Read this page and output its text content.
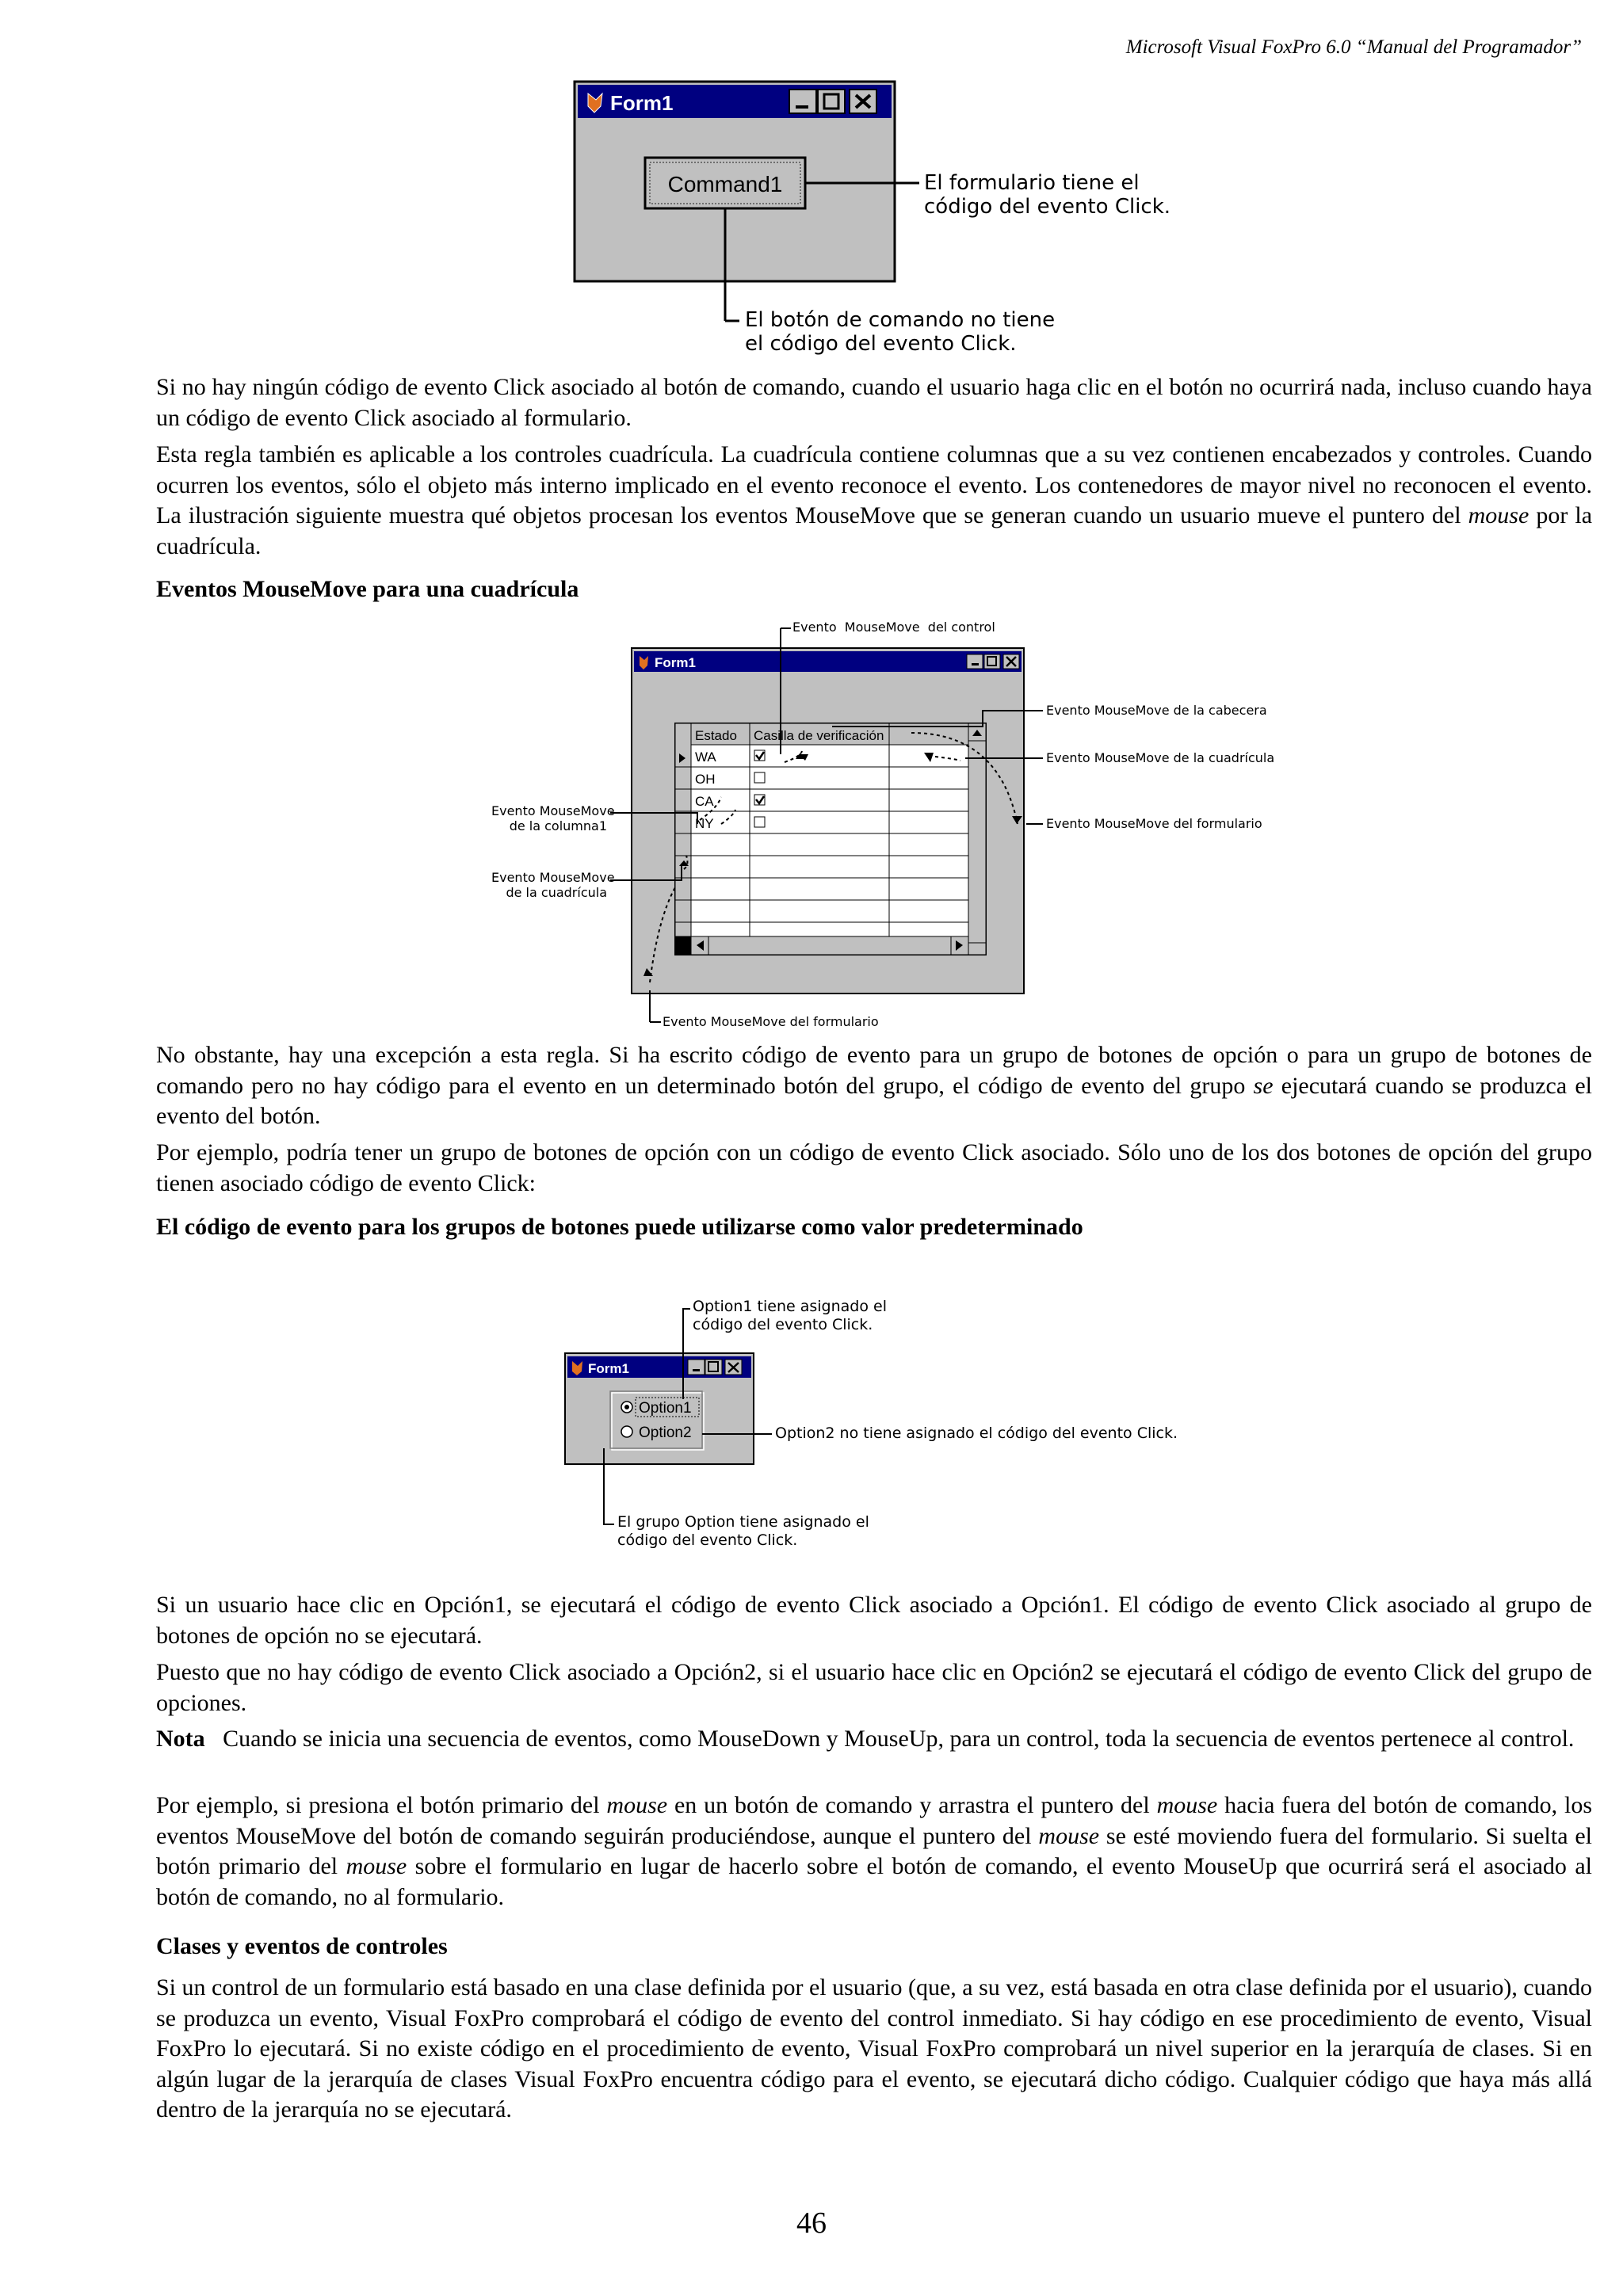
Microsoft Visual FoxPro 6.0 “Manual del Programador”
Form1
Command1	El formulario tiene el
código del evento Click.
El botón de comando no tiene
el código del evento Click.

Si no hay ningún código de evento Click asociado al botón de comando, cuando el usuario haga clic en el botón no ocurrirá nada, incluso cuando haya un código de evento Click asociado al formulario.

Esta regla también es aplicable a los controles cuadrícula. La cuadrícula contiene columnas que a su vez contienen encabezados y controles. Cuando ocurren los eventos, sólo el objeto más interno implicado en el evento reconoce el evento. Los contenedores de mayor nivel no reconocen el evento. La ilustración siguiente muestra qué objetos procesan los eventos MouseMove que se generan cuando un usuario mueve el puntero del mouse por la cuadrícula.

Eventos MouseMove para una cuadrícula

Form1
Estado Casilla de verificación
WA
OH
CA
NY
Evento  MouseMove  del control
Evento MouseMove de la cabecera
Evento MouseMove de la cuadrícula
Evento MouseMove del formulario
Evento MouseMove
de la columna1
Evento MouseMove
de la cuadrícula
Evento MouseMove del formulario

No obstante, hay una excepción a esta regla. Si ha escrito código de evento para un grupo de botones de opción o para un grupo de botones de comando pero no hay código para el evento en un determinado botón del grupo, el código de evento del grupo se ejecutará cuando se produzca el evento del botón.

Por ejemplo, podría tener un grupo de botones de opción con un código de evento Click asociado. Sólo uno de los dos botones de opción del grupo tienen asociado código de evento Click:

El código de evento para los grupos de botones puede utilizarse como valor predeterminado

Form1
Option1
Option2
Option1 tiene asignado el
código del evento Click.
Option2 no tiene asignado el código del evento Click.
El grupo Option tiene asignado el
código del evento Click.

Si un usuario hace clic en Opción1, se ejecutará el código de evento Click asociado a Opción1. El código de evento Click asociado al grupo de botones de opción no se ejecutará.

Puesto que no hay código de evento Click asociado a Opción2, si el usuario hace clic en Opción2 se ejecutará el código de evento Click del grupo de opciones.

Nota Cuando se inicia una secuencia de eventos, como MouseDown y MouseUp, para un control, toda la secuencia de eventos pertenece al control.

Por ejemplo, si presiona el botón primario del mouse en un botón de comando y arrastra el puntero del mouse hacia fuera del botón de comando, los eventos MouseMove del botón de comando seguirán produciéndose, aunque el puntero del mouse se esté moviendo fuera del formulario. Si suelta el botón primario del mouse sobre el formulario en lugar de hacerlo sobre el botón de comando, el evento MouseUp que ocurrirá será el asociado al botón de comando, no al formulario.

Clases y eventos de controles

Si un control de un formulario está basado en una clase definida por el usuario (que, a su vez, está basada en otra clase definida por el usuario), cuando se produzca un evento, Visual FoxPro comprobará el código de evento del control inmediato. Si hay código en ese procedimiento de evento, Visual FoxPro lo ejecutará. Si no existe código en el procedimiento de evento, Visual FoxPro comprobará un nivel superior en la jerarquía de clases. Si en algún lugar de la jerarquía de clases Visual FoxPro encuentra código para el evento, se ejecutará dicho código. Cualquier código que haya más allá dentro de la jerarquía no se ejecutará.

46
